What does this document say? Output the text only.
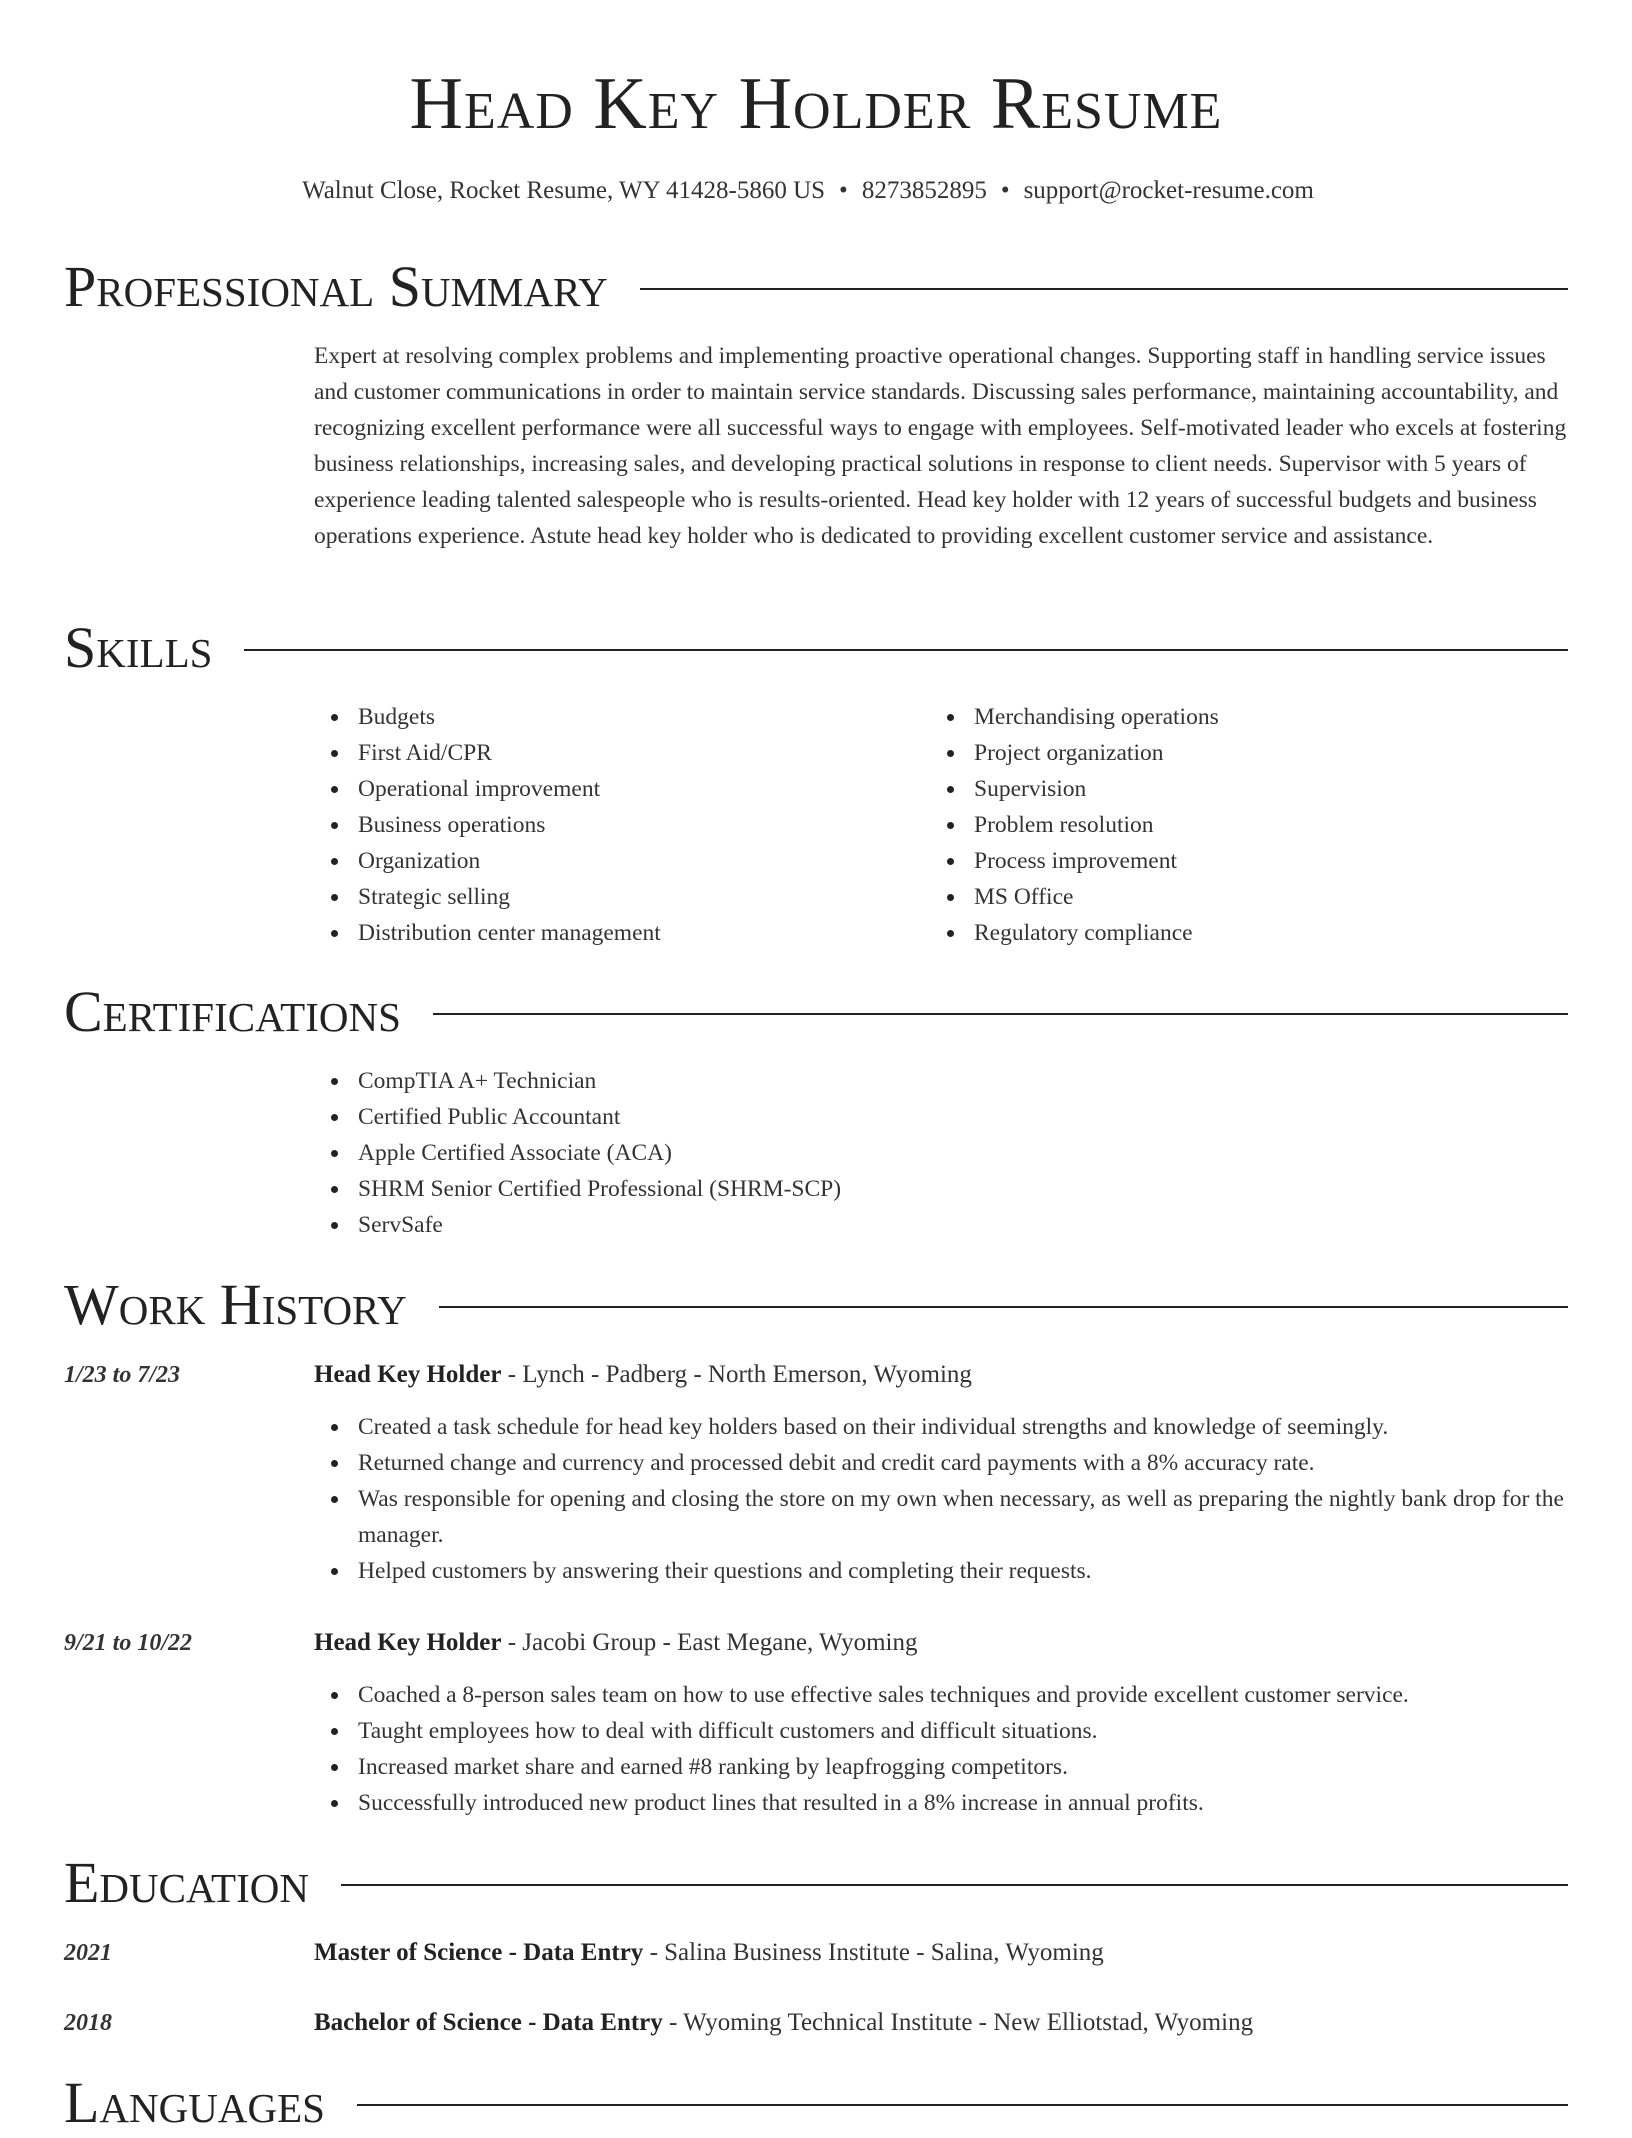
Head Key Holder Resume
Walnut Close, Rocket Resume, WY 41428-5860 US • 8273852895 • support@rocket-resume.com
Professional Summary

Expert at resolving complex problems and implementing proactive operational changes. Supporting staff in handling service issues and customer communications in order to maintain service standards. Discussing sales performance, maintaining accountability, and recognizing excellent performance were all successful ways to engage with employees. Self-motivated leader who excels at fostering business relationships, increasing sales, and developing practical solutions in response to client needs. Supervisor with 5 years of experience leading talented salespeople who is results-oriented. Head key holder with 12 years of successful budgets and business operations experience. Astute head key holder who is dedicated to providing excellent customer service and assistance.

Skills
Budgets
First Aid/CPR
Operational improvement
Business operations
Organization
Strategic selling
Distribution center management
Merchandising operations
Project organization
Supervision
Problem resolution
Process improvement
MS Office
Regulatory compliance
Certifications
CompTIA A+ Technician
Certified Public Accountant
Apple Certified Associate (ACA)
SHRM Senior Certified Professional (SHRM-SCP)
ServSafe
Work History
1/23 to 7/23	Head Key Holder - Lynch - Padberg - North Emerson, Wyoming
Created a task schedule for head key holders based on their individual strengths and knowledge of seemingly.
Returned change and currency and processed debit and credit card payments with a 8% accuracy rate.
Was responsible for opening and closing the store on my own when necessary, as well as preparing the nightly bank drop for the manager.
Helped customers by answering their questions and completing their requests.
9/21 to 10/22	Head Key Holder - Jacobi Group - East Megane, Wyoming
Coached a 8-person sales team on how to use effective sales techniques and provide excellent customer service.
Taught employees how to deal with difficult customers and difficult situations.
Increased market share and earned #8 ranking by leapfrogging competitors.
Successfully introduced new product lines that resulted in a 8% increase in annual profits.
Education
2021	Master of Science - Data Entry - Salina Business Institute - Salina, Wyoming
2018	Bachelor of Science - Data Entry - Wyoming Technical Institute - New Elliotstad, Wyoming
Languages
